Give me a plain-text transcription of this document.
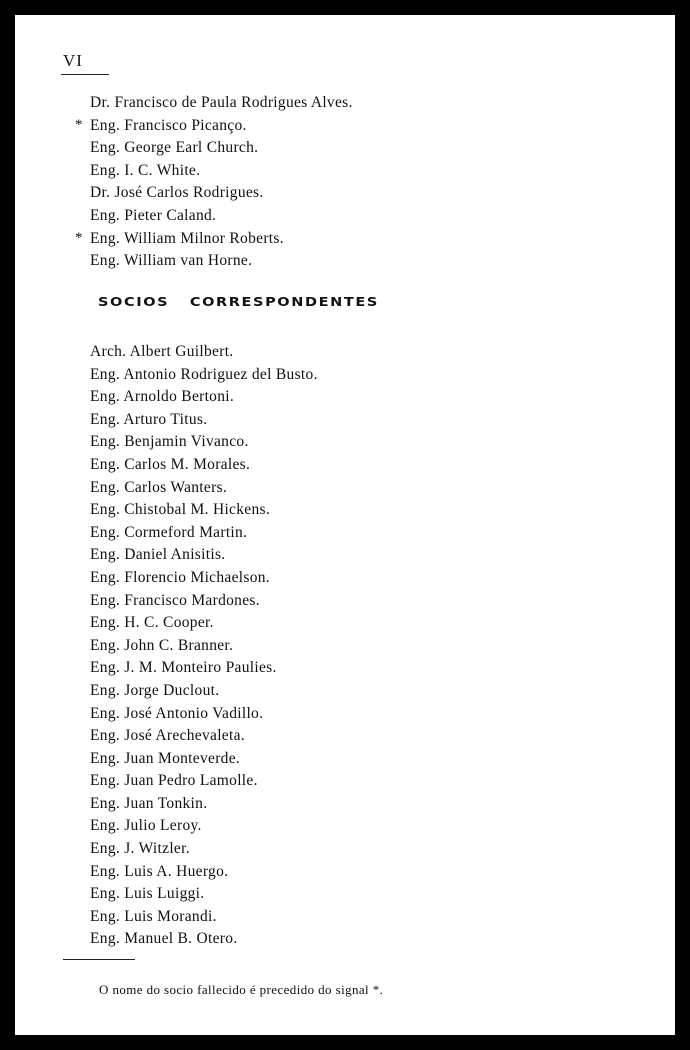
VI
Dr. Francisco de Paula Rodrigues Alves.
* Eng. Francisco Picanço.
Eng. George Earl Church.
Eng. I. C. White.
Dr. José Carlos Rodrigues.
Eng. Pieter Caland.
* Eng. William Milnor Roberts.
Eng. William van Horne.
SOCIOS CORRESPONDENTES
Arch. Albert Guilbert.
Eng. Antonio Rodriguez del Busto.
Eng. Arnoldo Bertoni.
Eng. Arturo Titus.
Eng. Benjamin Vivanco.
Eng. Carlos M. Morales.
Eng. Carlos Wanters.
Eng. Chistobal M. Hickens.
Eng. Cormeford Martin.
Eng. Daniel Anisitis.
Eng. Florencio Michaelson.
Eng. Francisco Mardones.
Eng. H. C. Cooper.
Eng. John C. Branner.
Eng. J. M. Monteiro Paulies.
Eng. Jorge Duclout.
Eng. José Antonio Vadillo.
Eng. José Arechevaleta.
Eng. Juan Monteverde.
Eng. Juan Pedro Lamolle.
Eng. Juan Tonkin.
Eng. Julio Leroy.
Eng. J. Witzler.
Eng. Luis A. Huergo.
Eng. Luis Luiggi.
Eng. Luis Morandi.
Eng. Manuel B. Otero.
O nome do socio fallecido é precedido do signal *.
